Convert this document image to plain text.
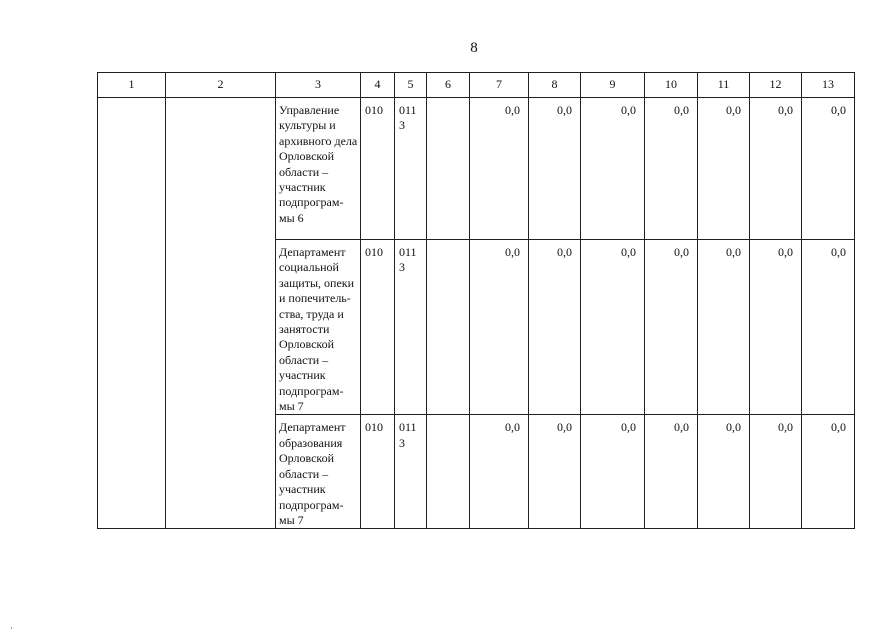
8
1	2	3	4	5	6	7	8	9	10	11	12	13

		Управление культуры и архивного дела Орловской области – участник подпрограм-мы 6	010	011 3		0,0	0,0	0,0	0,0	0,0	0,0	0,0

		Департамент социальной защиты, опеки и попечитель-ства, труда и занятости Орловской области – участник подпрограм-мы 7	010	011 3		0,0	0,0	0,0	0,0	0,0	0,0	0,0

		Департамент образования Орловской области – участник подпрограм-мы 7	010	011 3		0,0	0,0	0,0	0,0	0,0	0,0	0,0
